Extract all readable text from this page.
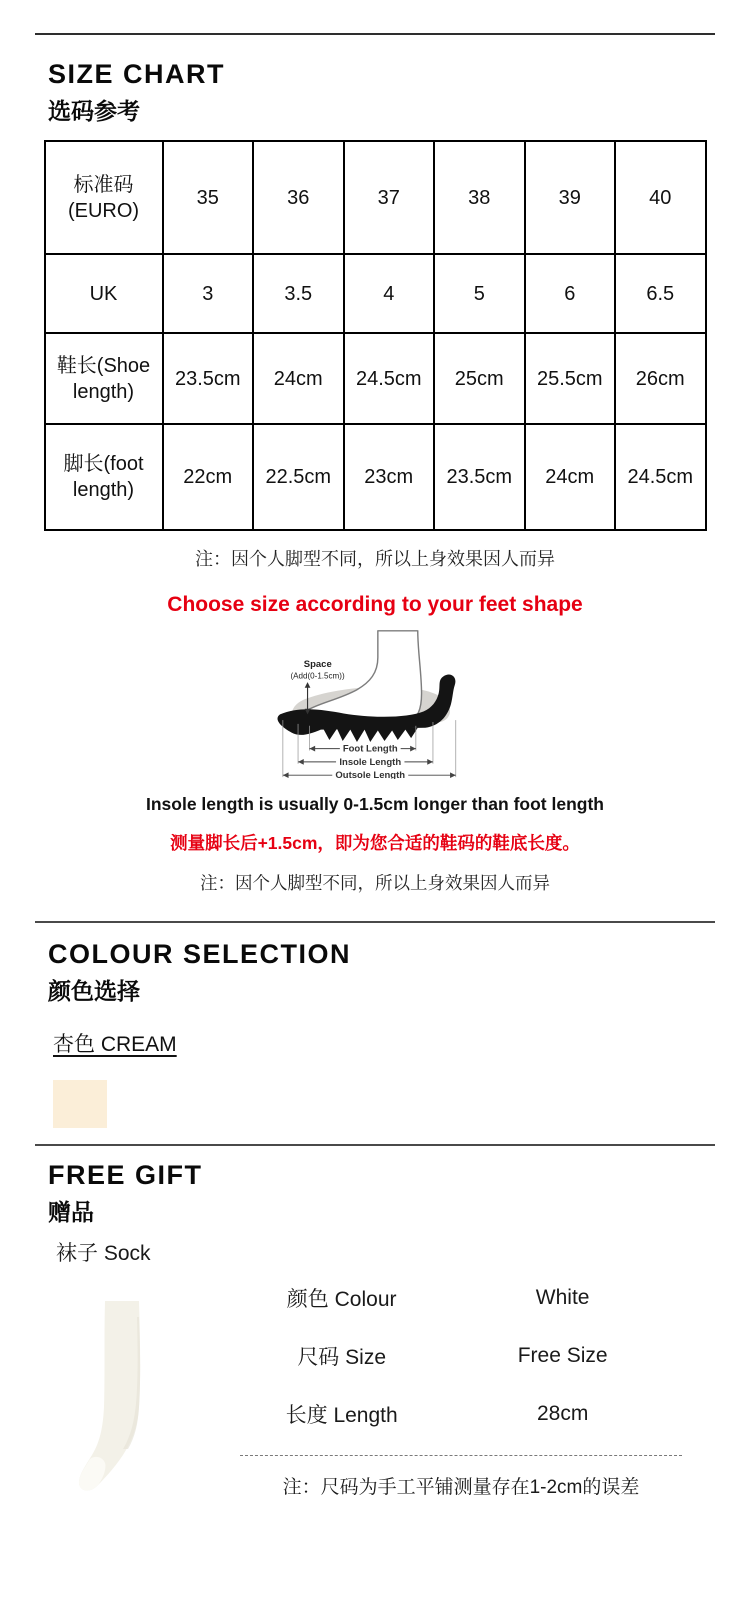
SIZE CHART
选码参考
标准码 (EURO)	35	36	37	38	39	40
UK	3	3.5	4	5	6	6.5
鞋长(Shoe length)	23.5cm	24cm	24.5cm	25cm	25.5cm	26cm
脚长(foot length)	22cm	22.5cm	23cm	23.5cm	24cm	24.5cm
注：因个人脚型不同，所以上身效果因人而异
Choose size according to your feet shape
Space
(Add(0-1.5cm))
Foot Length
Insole Length
Outsole Length
Insole length is usually 0-1.5cm longer than foot length
测量脚长后+1.5cm，即为您合适的鞋码的鞋底长度。
注：因个人脚型不同，所以上身效果因人而异
COLOUR SELECTION
颜色选择
杏色 CREAM
FREE GIFT
赠品
袜子 Sock
颜色 Colour	White
尺码 Size	Free Size
长度 Length	28cm
注：尺码为手工平铺测量存在1-2cm的误差
